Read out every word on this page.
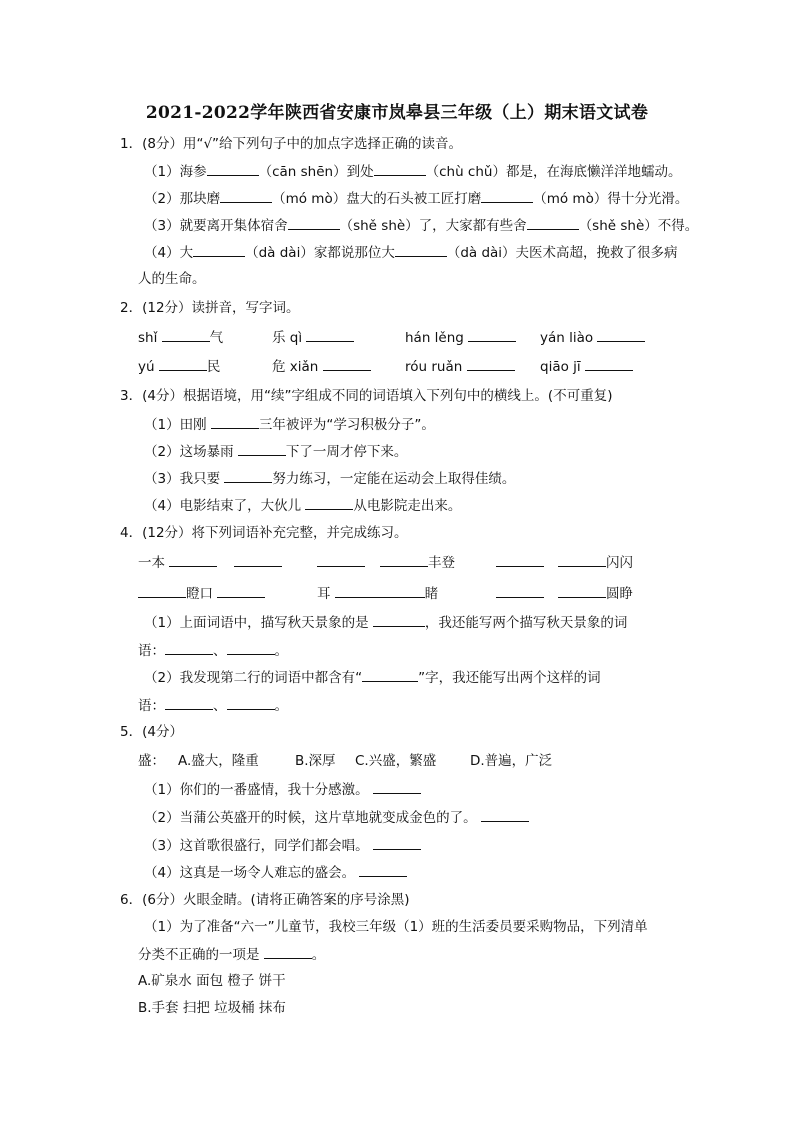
2021-2022学年陕西省安康市岚皋县三年级（上）期末语文试卷
1．(8分）用“√”给下列句子中的加点字选择正确的读音。
（1）海参	（cān shēn）到处	（chù chǔ）都是，在海底懒洋洋地蠕动。
（2）那块磨	（mó mò）盘大的石头被工匠打磨	（mó mò）得十分光滑。
（3）就要离开集体宿舍	（shě shè）了，大家都有些舍	（shě shè）不得。
（4）大	（dà dài）家都说那位大	（dà dài）夫医术高超，挽救了很多病
人的生命。
2．(12分）读拼音，写字词。
shǐ	气	乐 qì	hán lěng	yán liào
yú	民	危 xiǎn	róu ruǎn	qiāo jī
3．(4分）根据语境，用“续”字组成不同的词语填入下列句中的横线上。(不可重复)
（1）田刚	三年被评为“学习积极分子”。
（2）这场暴雨	下了一周才停下来。
（3）我只要	努力练习，一定能在运动会上取得佳绩。
（4）电影结束了，大伙儿	从电影院走出来。
4．(12分）将下列词语补充完整，并完成练习。
一本	丰登	闪闪
瞪口	耳	睹	圆睁
（1）上面词语中，描写秋天景象的是	，我还能写两个描写秋天景象的词
语：	、	。
（2）我发现第二行的词语中都含有“	”字，我还能写出两个这样的词
语：	、	。
5．(4分）
盛： A.盛大，隆重	B.深厚 C.兴盛，繁盛	D.普遍，广泛
（1）你们的一番盛情，我十分感激。
（2）当蒲公英盛开的时候，这片草地就变成金色的了。
（3）这首歌很盛行，同学们都会唱。
（4）这真是一场令人难忘的盛会。
6．(6分）火眼金睛。(请将正确答案的序号涂黑)
（1）为了准备“六一”儿童节，我校三年级（1）班的生活委员要采购物品，下列清单
分类不正确的一项是	。
A.矿泉水 面包 橙子 饼干
B.手套 扫把 垃圾桶 抹布
